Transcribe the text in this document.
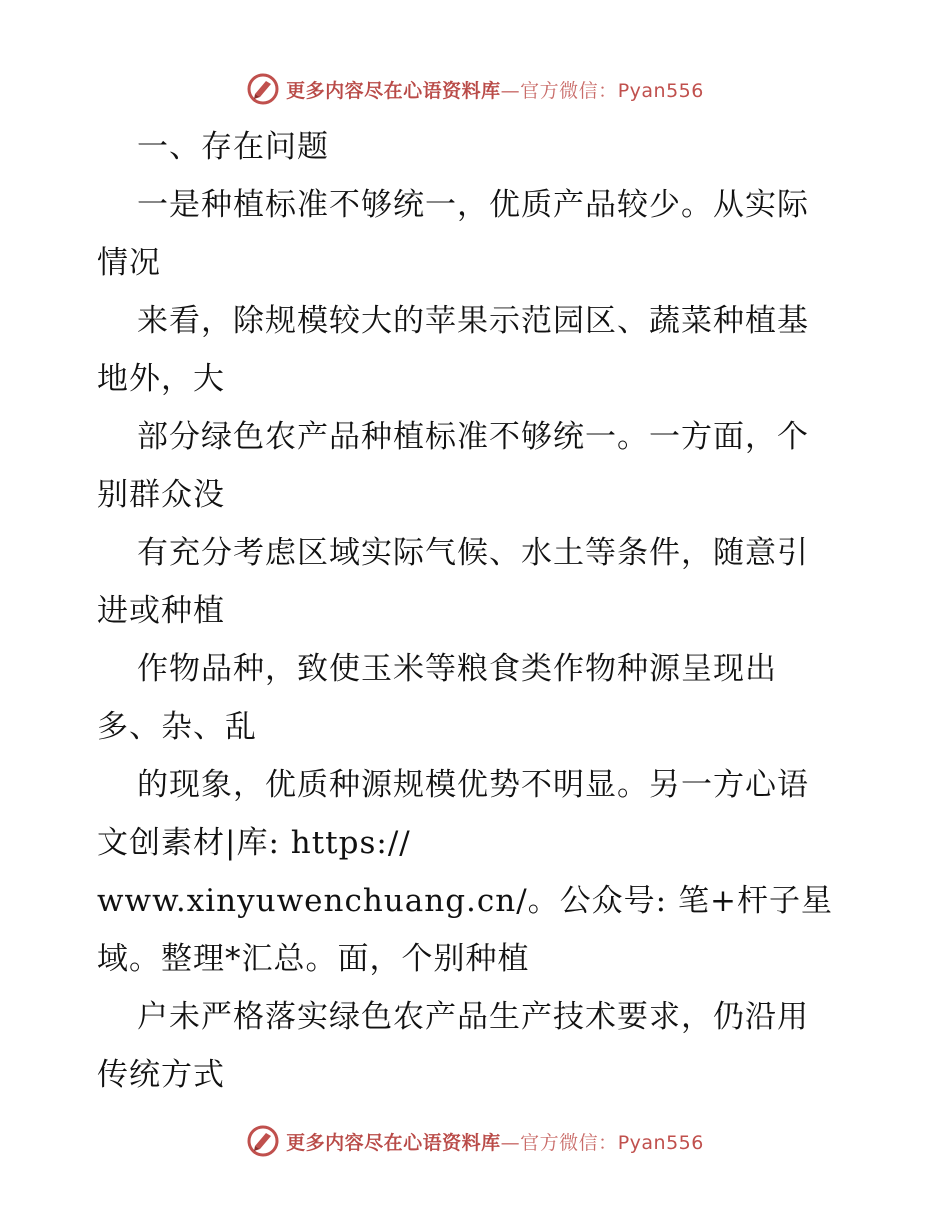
更多内容尽在心语资料库—官方微信：Pyan556
一、存在问题
一是种植标准不够统一，优质产品较少。从实际
情况
来看，除规模较大的苹果示范园区、蔬菜种植基
地外，大
部分绿色农产品种植标准不够统一。一方面，个
别群众没
有充分考虑区域实际气候、水土等条件，随意引
进或种植
作物品种，致使玉米等粮食类作物种源呈现出
多、杂、乱
的现象，优质种源规模优势不明显。另一方心语
文创素材|库: https://
www.xinyuwenchuang.cn/。公众号: 笔+杆子星
域。整理*汇总。面，个别种植
户未严格落实绿色农产品生产技术要求，仍沿用
传统方式
更多内容尽在心语资料库—官方微信：Pyan556
